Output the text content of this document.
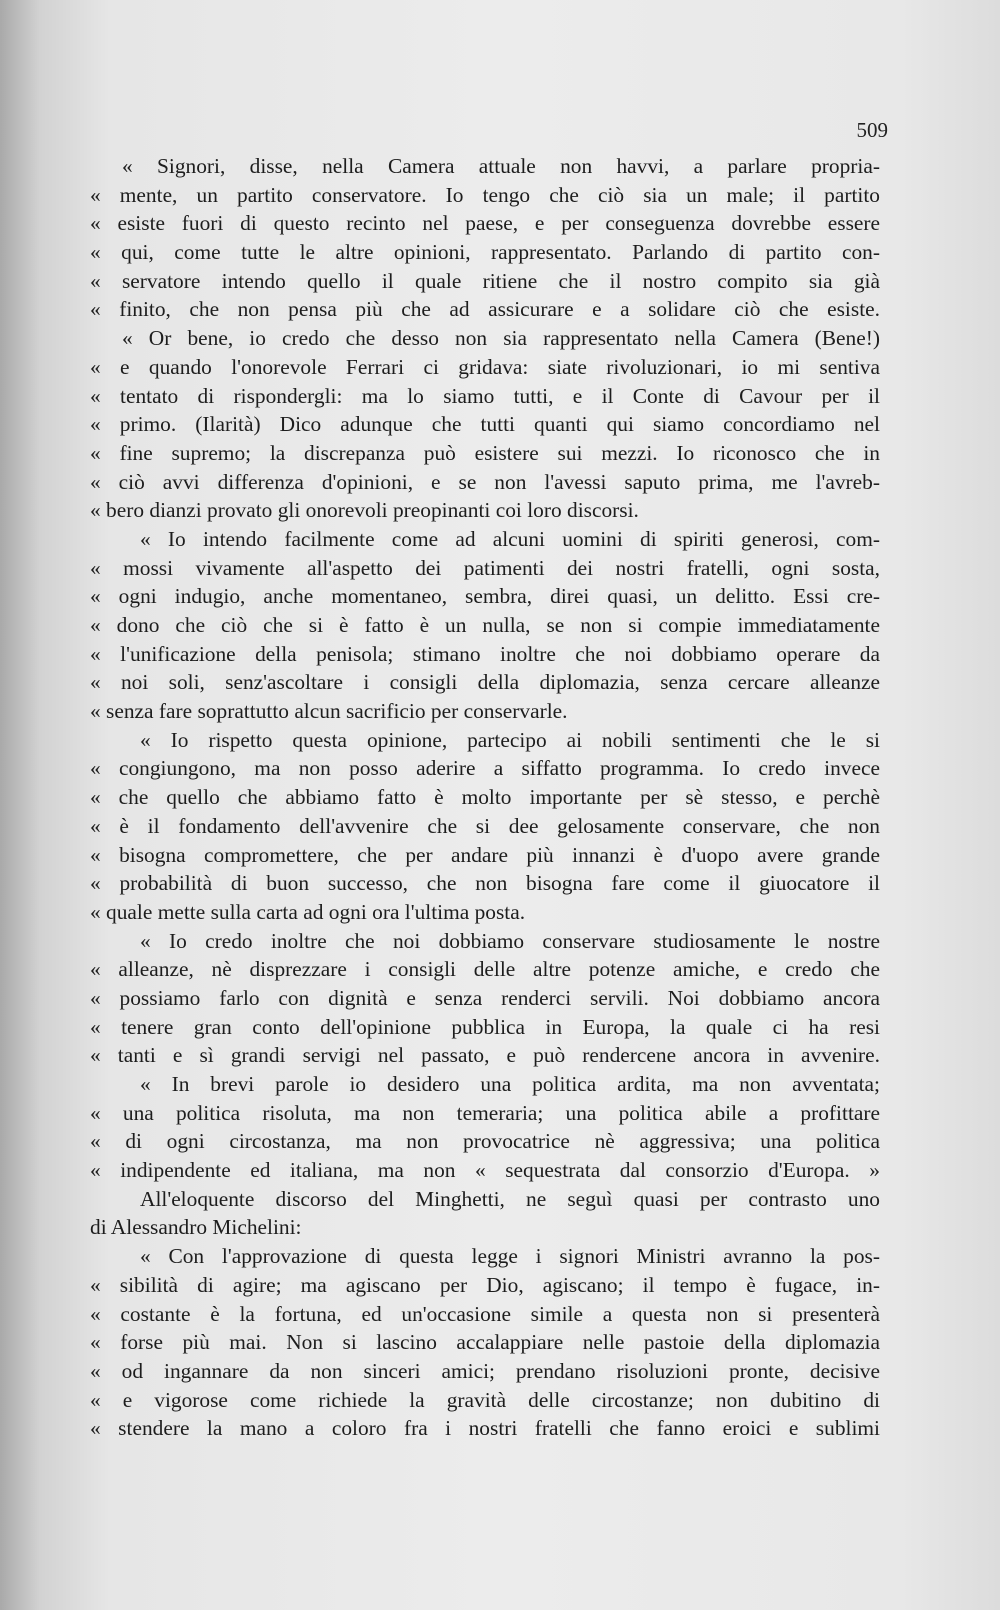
509
« Signori, disse, nella Camera attuale non havvi, a parlare propria-
« mente, un partito conservatore. Io tengo che ciò sia un male; il partito
« esiste fuori di questo recinto nel paese, e per conseguenza dovrebbe essere
« qui, come tutte le altre opinioni, rappresentato. Parlando di partito con-
« servatore intendo quello il quale ritiene che il nostro compito sia già
« finito, che non pensa più che ad assicurare e a solidare ciò che esiste.
« Or bene, io credo che desso non sia rappresentato nella Camera (Bene!)
« e quando l'onorevole Ferrari ci gridava: siate rivoluzionari, io mi sentiva
« tentato di rispondergli: ma lo siamo tutti, e il Conte di Cavour per il
« primo. (Ilarità) Dico adunque che tutti quanti qui siamo concordiamo nel
« fine supremo; la discrepanza può esistere sui mezzi. Io riconosco che in
« ciò avvi differenza d'opinioni, e se non l'avessi saputo prima, me l'avreb-
« bero dianzi provato gli onorevoli preopinanti coi loro discorsi.
« Io intendo facilmente come ad alcuni uomini di spiriti generosi, com-
« mossi vivamente all'aspetto dei patimenti dei nostri fratelli, ogni sosta,
« ogni indugio, anche momentaneo, sembra, direi quasi, un delitto. Essi cre-
« dono che ciò che si è fatto è un nulla, se non si compie immediatamente
« l'unificazione della penisola; stimano inoltre che noi dobbiamo operare da
« noi soli, senz'ascoltare i consigli della diplomazia, senza cercare alleanze
« senza fare soprattutto alcun sacrificio per conservarle.
« Io rispetto questa opinione, partecipo ai nobili sentimenti che le si
« congiungono, ma non posso aderire a siffatto programma. Io credo invece
« che quello che abbiamo fatto è molto importante per sè stesso, e perchè
« è il fondamento dell'avvenire che si dee gelosamente conservare, che non
« bisogna compromettere, che per andare più innanzi è d'uopo avere grande
« probabilità di buon successo, che non bisogna fare come il giuocatore il
« quale mette sulla carta ad ogni ora l'ultima posta.
« Io credo inoltre che noi dobbiamo conservare studiosamente le nostre
« alleanze, nè disprezzare i consigli delle altre potenze amiche, e credo che
« possiamo farlo con dignità e senza renderci servili. Noi dobbiamo ancora
« tenere gran conto dell'opinione pubblica in Europa, la quale ci ha resi
« tanti e sì grandi servigi nel passato, e può rendercene ancora in avvenire.
« In brevi parole io desidero una politica ardita, ma non avventata;
« una politica risoluta, ma non temeraria; una politica abile a profittare
« di ogni circostanza, ma non provocatrice nè aggressiva; una politica
« indipendente ed italiana, ma non « sequestrata dal consorzio d'Europa. »
All'eloquente discorso del Minghetti, ne seguì quasi per contrasto uno
di Alessandro Michelini:
« Con l'approvazione di questa legge i signori Ministri avranno la pos-
« sibilità di agire; ma agiscano per Dio, agiscano; il tempo è fugace, in-
« costante è la fortuna, ed un'occasione simile a questa non si presenterà
« forse più mai. Non si lascino accalappiare nelle pastoie della diplomazia
« od ingannare da non sinceri amici; prendano risoluzioni pronte, decisive
« e vigorose come richiede la gravità delle circostanze; non dubitino di
« stendere la mano a coloro fra i nostri fratelli che fanno eroici e sublimi
